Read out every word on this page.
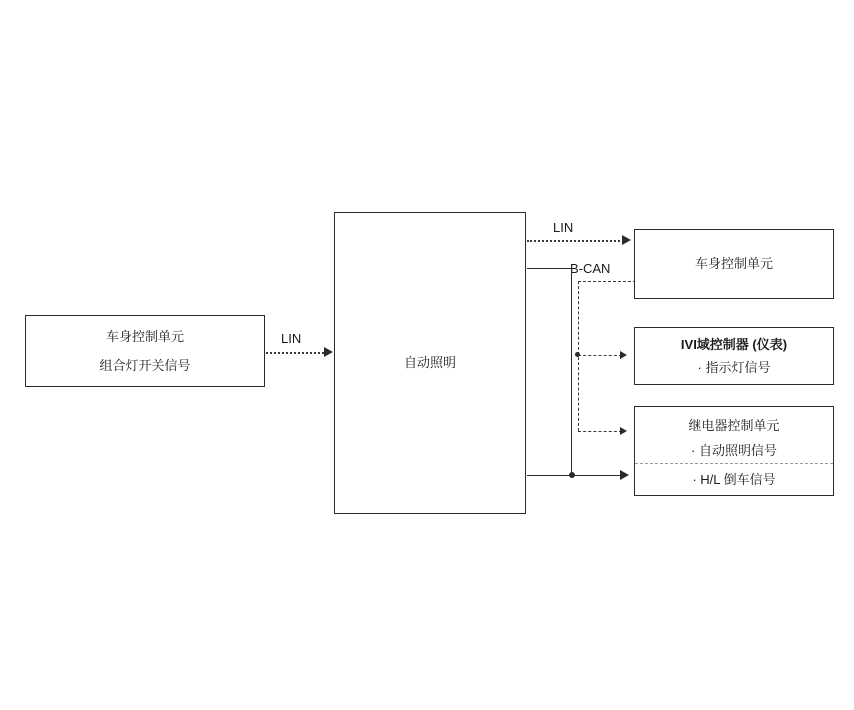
车身控制单元
组合灯开关信号
LIN
自动照明
LIN
B-CAN	车身控制单元
IVI域控制器 (仪表)
· 指示灯信号
继电器控制单元
· 自动照明信号
· H/L 倒车信号
